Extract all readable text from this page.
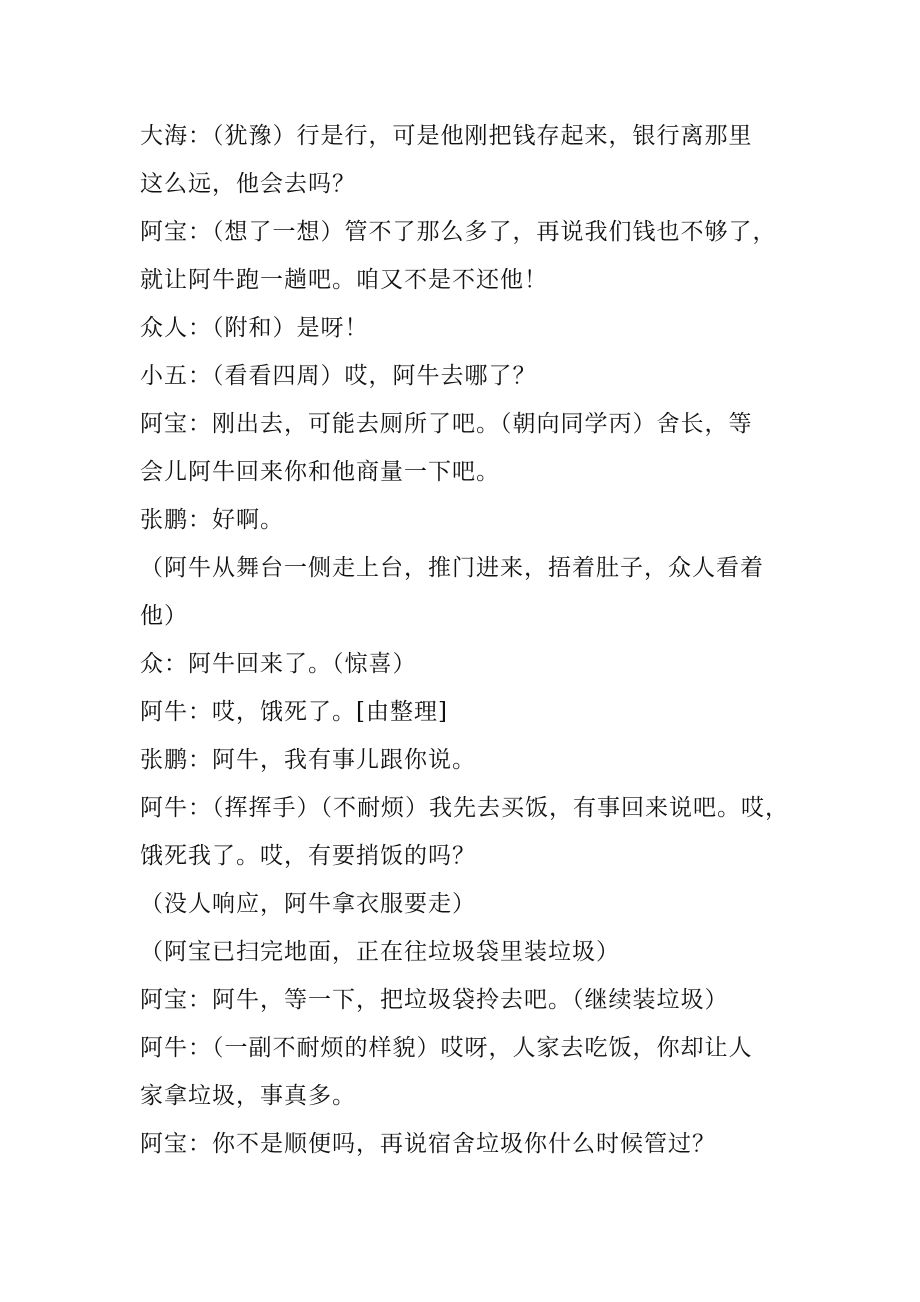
大海：（犹豫）行是行，可是他刚把钱存起来，银行离那里

这么远，他会去吗？

阿宝：（想了一想）管不了那么多了，再说我们钱也不够了，

就让阿牛跑一趟吧。咱又不是不还他！

众人：（附和）是呀！

小五：（看看四周）哎，阿牛去哪了？

阿宝：刚出去，可能去厕所了吧。（朝向同学丙）舍长，等

会儿阿牛回来你和他商量一下吧。

张鹏：好啊。

（阿牛从舞台一侧走上台，推门进来，捂着肚子，众人看着

他）

众：阿牛回来了。（惊喜）

阿牛：哎，饿死了。[由整理]

张鹏：阿牛，我有事儿跟你说。

阿牛：（挥挥手）（不耐烦）我先去买饭，有事回来说吧。哎，

饿死我了。哎，有要捎饭的吗？

（没人响应，阿牛拿衣服要走）

（阿宝已扫完地面，正在往垃圾袋里装垃圾）

阿宝：阿牛，等一下，把垃圾袋拎去吧。（继续装垃圾）

阿牛：（一副不耐烦的样貌）哎呀，人家去吃饭，你却让人

家拿垃圾，事真多。

阿宝：你不是顺便吗，再说宿舍垃圾你什么时候管过？
